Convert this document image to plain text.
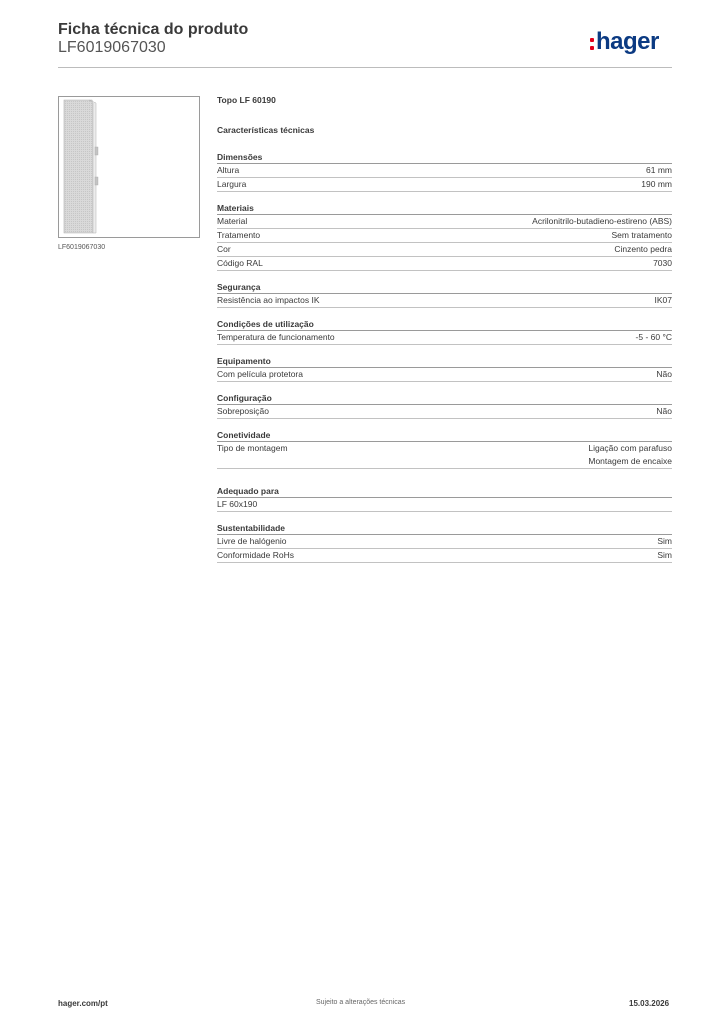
Ficha técnica do produto
LF6019067030	hager
LF6019067030
Topo LF 60190
Características técnicas
Dimensões
Altura	61 mm
Largura	190 mm
Materiais
Material	Acrilonitrilo-butadieno-estireno (ABS)
Tratamento	Sem tratamento
Cor	Cinzento pedra
Código RAL	7030
Segurança
Resistência ao impactos IK	IK07
Condições de utilização
Temperatura de funcionamento	-5 - 60 °C
Equipamento
Com película protetora	Não
Configuração
Sobreposição	Não
Conetividade
Tipo de montagem	Ligação com parafuso
Montagem de encaixe
Adequado para
LF 60x190
Sustentabilidade
Livre de halógenio	Sim
Conformidade RoHs	Sim
hager.com/pt	Sujeito a alterações técnicas	15.03.2026
